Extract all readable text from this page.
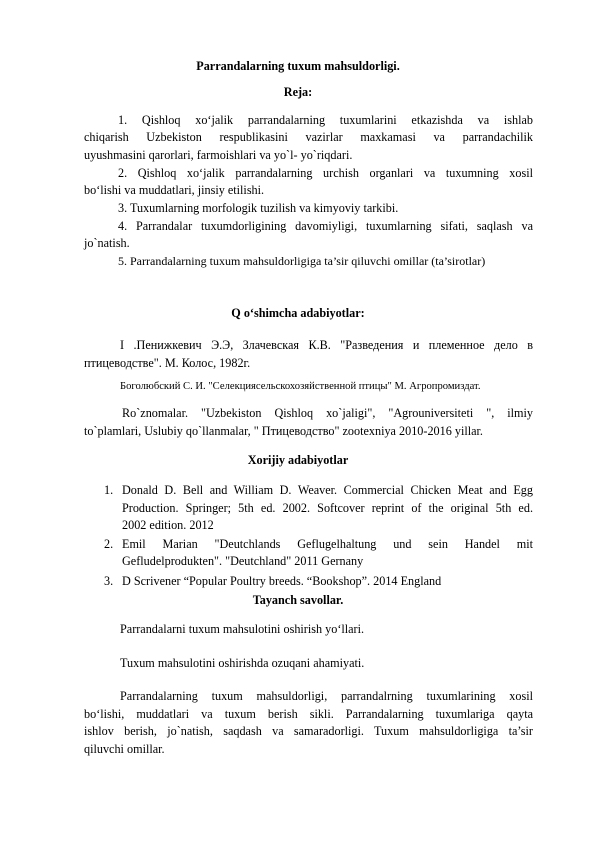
Parrandalarning tuxum mahsuldorligi.
Reja:
1. Qishloq xo‘jalik parrandalarning tuxumlarini etkazishda va ishlab
chiqarish Uzbekiston respublikasini vazirlar maxkamasi va parrandachilik
uyushmasini qarorlari, farmoishlari va yo`l- yo`riqdari.
2. Qishloq xo‘jalik parrandalarning urchish organlari va tuxumning xosil
bo‘lishi va muddatlari, jinsiy etilishi.
3. Tuxumlarning morfologik tuzilish va kimyoviy tarkibi.
4. Parrandalar tuxumdorligining davomiyligi, tuxumlarning sifati, saqlash va
jo`natish.
5. Parrandalarning tuxum mahsuldorligiga ta’sir qiluvchi omillar (ta’sirotlar)
Q o‘shimcha adabiyotlar:
I .Пенижкевич Э.Э, Злачевская К.В. "Разведения и племенное дело в
птицеводстве". М. Колос, 1982г.
Боголюбский С. И. "Селекциясельскохозяйственной птицы" М. Агропромиздат.
Ro`znomalar. "Uzbekiston Qishloq xo`jaligi", "Agrouniversiteti ", ilmiy
to`plamlari, Uslubiy qo`llanmalar, " Птицеводство" zootexniya 2010-2016 yillar.
Xorijiy adabiyotlar
1. Donald D. Bell and William D. Weaver. Commercial Chicken Meat and Egg
Production. Springer; 5th ed. 2002. Softcover reprint of the original 5th ed.
2002 edition. 2012
2. Emil Marian "Deutchlands Geflugelhaltung und sein Handel mit
Gefludelprodukten". "Deutchland" 2011 Gernany
3. D Scrivener “Popular Poultry breeds. “Bookshop”. 2014 England
Tayanch savollar.
Parrandalarni tuxum mahsulotini oshirish yo‘llari.
Tuxum mahsulotini oshirishda ozuqani ahamiyati.
Parrandalarning tuxum mahsuldorligi, parrandalrning tuxumlarining xosil
bo‘lishi, muddatlari va tuxum berish sikli. Parrandalarning tuxumlariga qayta
ishlov berish, jo`natish, saqdash va samaradorligi. Tuxum mahsuldorligiga ta’sir
qiluvchi omillar.
